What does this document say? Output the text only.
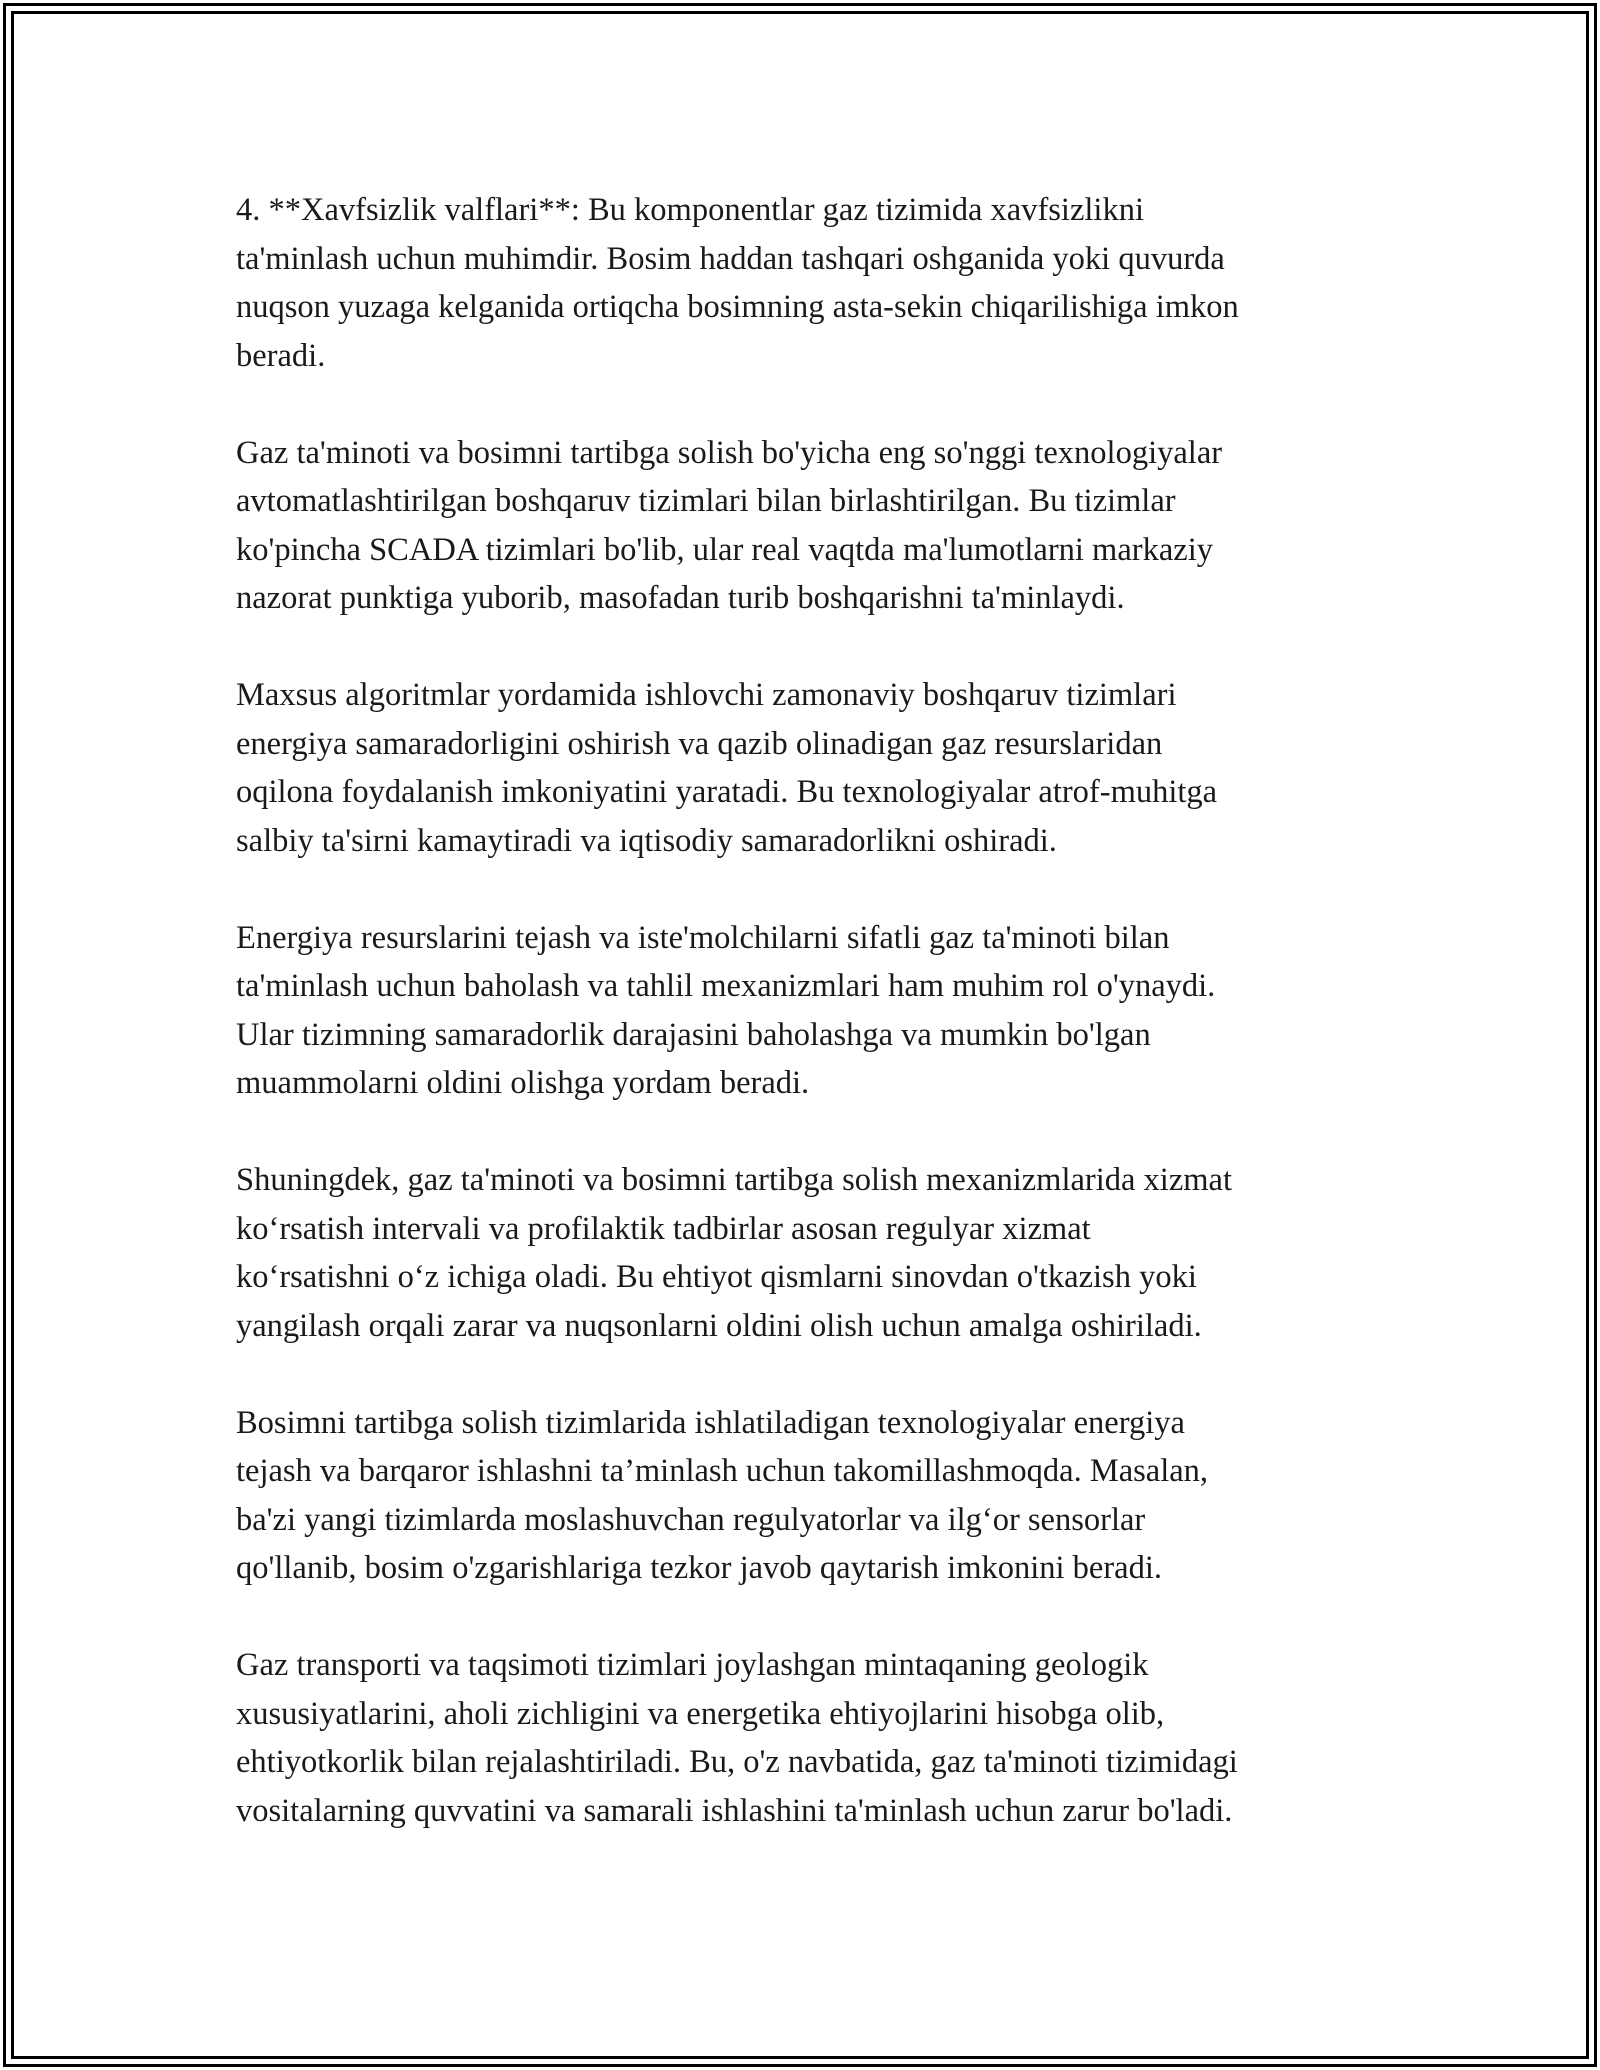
4. **Xavfsizlik valflari**: Bu komponentlar gaz tizimida xavfsizlikni
ta'minlash uchun muhimdir. Bosim haddan tashqari oshganida yoki quvurda
nuqson yuzaga kelganida ortiqcha bosimning asta-sekin chiqarilishiga imkon
beradi.

Gaz ta'minoti va bosimni tartibga solish bo'yicha eng so'nggi texnologiyalar
avtomatlashtirilgan boshqaruv tizimlari bilan birlashtirilgan. Bu tizimlar
ko'pincha SCADA tizimlari bo'lib, ular real vaqtda ma'lumotlarni markaziy
nazorat punktiga yuborib, masofadan turib boshqarishni ta'minlaydi.

Maxsus algoritmlar yordamida ishlovchi zamonaviy boshqaruv tizimlari
energiya samaradorligini oshirish va qazib olinadigan gaz resurslaridan
oqilona foydalanish imkoniyatini yaratadi. Bu texnologiyalar atrof-muhitga
salbiy ta'sirni kamaytiradi va iqtisodiy samaradorlikni oshiradi.

Energiya resurslarini tejash va iste'molchilarni sifatli gaz ta'minoti bilan
ta'minlash uchun baholash va tahlil mexanizmlari ham muhim rol o'ynaydi.
Ular tizimning samaradorlik darajasini baholashga va mumkin bo'lgan
muammolarni oldini olishga yordam beradi.

Shuningdek, gaz ta'minoti va bosimni tartibga solish mexanizmlarida xizmat
ko‘rsatish intervali va profilaktik tadbirlar asosan regulyar xizmat
ko‘rsatishni o‘z ichiga oladi. Bu ehtiyot qismlarni sinovdan o'tkazish yoki
yangilash orqali zarar va nuqsonlarni oldini olish uchun amalga oshiriladi.

Bosimni tartibga solish tizimlarida ishlatiladigan texnologiyalar energiya
tejash va barqaror ishlashni ta’minlash uchun takomillashmoqda. Masalan,
ba'zi yangi tizimlarda moslashuvchan regulyatorlar va ilg‘or sensorlar
qo'llanib, bosim o'zgarishlariga tezkor javob qaytarish imkonini beradi.

Gaz transporti va taqsimoti tizimlari joylashgan mintaqaning geologik
xususiyatlarini, aholi zichligini va energetika ehtiyojlarini hisobga olib,
ehtiyotkorlik bilan rejalashtiriladi. Bu, o'z navbatida, gaz ta'minoti tizimidagi
vositalarning quvvatini va samarali ishlashini ta'minlash uchun zarur bo'ladi.
